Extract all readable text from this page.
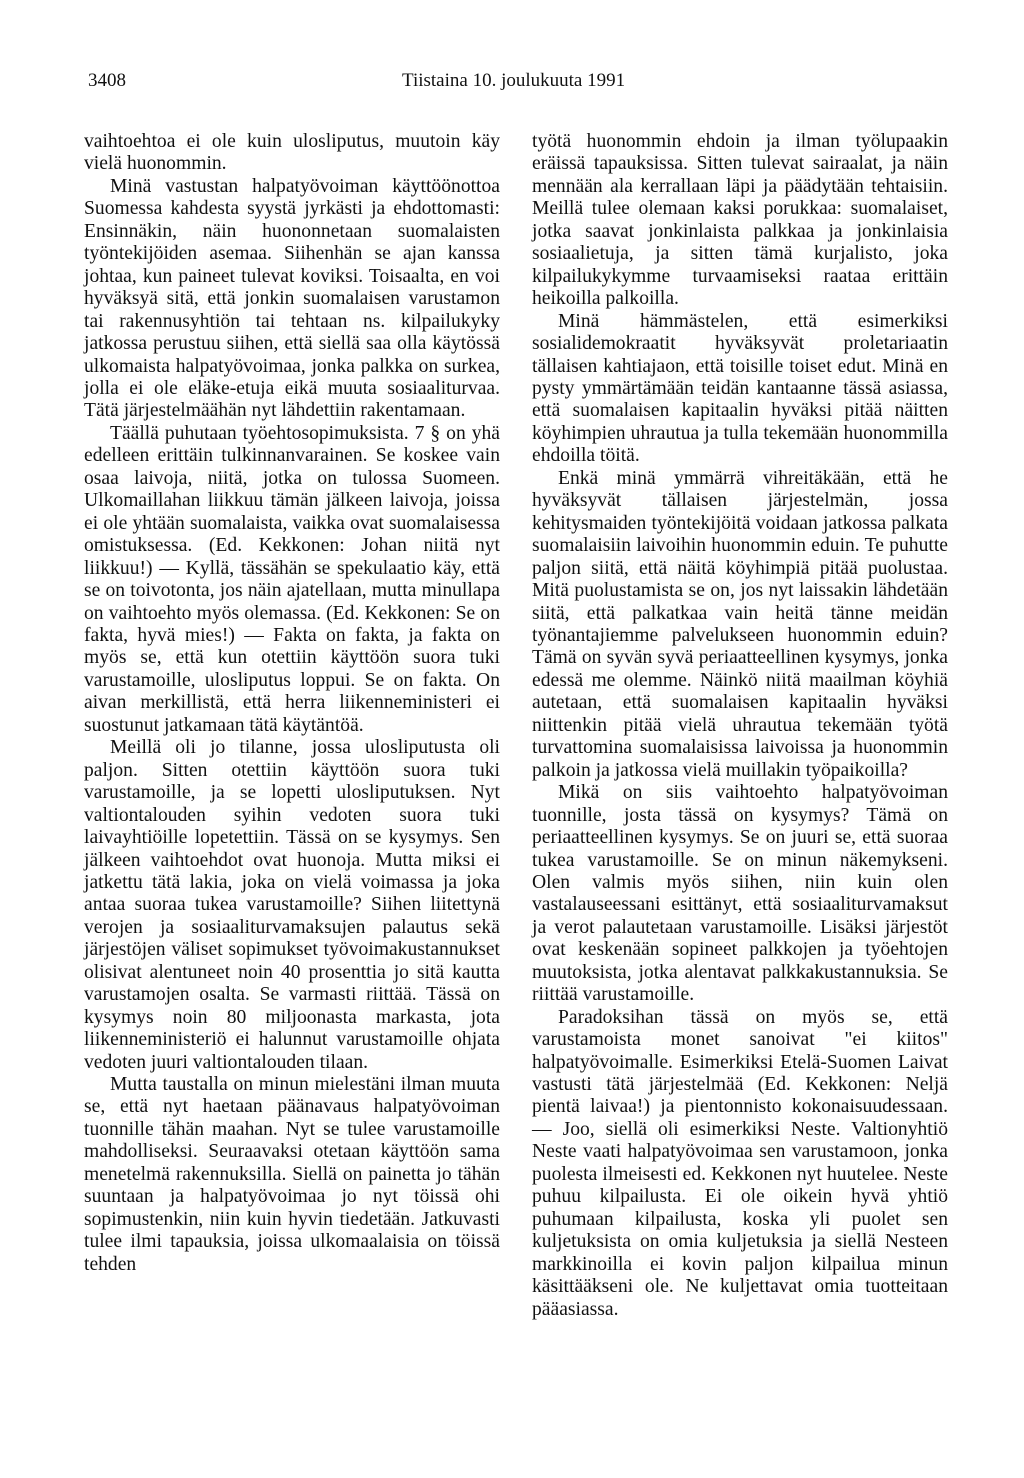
3408	Tiistaina 10. joulukuuta 1991

vaihtoehtoa ei ole kuin ulosliputus, muutoin käy vielä huonommin.

Minä vastustan halpatyövoiman käyttöönottoa Suomessa kahdesta syystä jyrkästi ja ehdottomasti: Ensinnäkin, näin huononnetaan suomalaisten työntekijöiden asemaa. Siihenhän se ajan kanssa johtaa, kun paineet tulevat koviksi. Toisaalta, en voi hyväksyä sitä, että jonkin suomalaisen varustamon tai rakennusyhtiön tai tehtaan ns. kilpailukyky jatkossa perustuu siihen, että siellä saa olla käytössä ulkomaista halpatyövoimaa, jonka palkka on surkea, jolla ei ole eläke-etuja eikä muuta sosiaaliturvaa. Tätä järjestelmäähän nyt lähdettiin rakentamaan.

Täällä puhutaan työehtosopimuksista. 7 § on yhä edelleen erittäin tulkinnanvarainen. Se koskee vain osaa laivoja, niitä, jotka on tulossa Suomeen. Ulkomaillahan liikkuu tämän jälkeen laivoja, joissa ei ole yhtään suomalaista, vaikka ovat suomalaisessa omistuksessa. (Ed. Kekkonen: Johan niitä nyt liikkuu!) — Kyllä, tässähän se spekulaatio käy, että se on toivotonta, jos näin ajatellaan, mutta minullapa on vaihtoehto myös olemassa. (Ed. Kekkonen: Se on fakta, hyvä mies!) — Fakta on fakta, ja fakta on myös se, että kun otettiin käyttöön suora tuki varustamoille, ulosliputus loppui. Se on fakta. On aivan merkillistä, että herra liikenneministeri ei suostunut jatkamaan tätä käytäntöä.

Meillä oli jo tilanne, jossa ulosliputusta oli paljon. Sitten otettiin käyttöön suora tuki varustamoille, ja se lopetti ulosliputuksen. Nyt valtiontalouden syihin vedoten suora tuki laivayhtiöille lopetettiin. Tässä on se kysymys. Sen jälkeen vaihtoehdot ovat huonoja. Mutta miksi ei jatkettu tätä lakia, joka on vielä voimassa ja joka antaa suoraa tukea varustamoille? Siihen liitettynä verojen ja sosiaaliturvamaksujen palautus sekä järjestöjen väliset sopimukset työvoimakustannukset olisivat alentuneet noin 40 prosenttia jo sitä kautta varustamojen osalta. Se varmasti riittää. Tässä on kysymys noin 80 miljoonasta markasta, jota liikenneministeriö ei halunnut varustamoille ohjata vedoten juuri valtiontalouden tilaan.

Mutta taustalla on minun mielestäni ilman muuta se, että nyt haetaan päänavaus halpatyövoiman tuonnille tähän maahan. Nyt se tulee varustamoille mahdolliseksi. Seuraavaksi otetaan käyttöön sama menetelmä rakennuksilla. Siellä on painetta jo tähän suuntaan ja halpatyövoimaa jo nyt töissä ohi sopimustenkin, niin kuin hyvin tiedetään. Jatkuvasti tulee ilmi tapauksia, joissa ulkomaalaisia on töissä tehden

työtä huonommin ehdoin ja ilman työlupaakin eräissä tapauksissa. Sitten tulevat sairaalat, ja näin mennään ala kerrallaan läpi ja päädytään tehtaisiin. Meillä tulee olemaan kaksi porukkaa: suomalaiset, jotka saavat jonkinlaista palkkaa ja jonkinlaisia sosiaalietuja, ja sitten tämä kurjalisto, joka kilpailukykymme turvaamiseksi raataa erittäin heikoilla palkoilla.

Minä hämmästelen, että esimerkiksi sosialidemokraatit hyväksyvät proletariaatin tällaisen kahtiajaon, että toisille toiset edut. Minä en pysty ymmärtämään teidän kantaanne tässä asiassa, että suomalaisen kapitaalin hyväksi pitää näitten köyhimpien uhrautua ja tulla tekemään huonommilla ehdoilla töitä.

Enkä minä ymmärrä vihreitäkään, että he hyväksyvät tällaisen järjestelmän, jossa kehitysmaiden työntekijöitä voidaan jatkossa palkata suomalaisiin laivoihin huonommin eduin. Te puhutte paljon siitä, että näitä köyhimpiä pitää puolustaa. Mitä puolustamista se on, jos nyt laissakin lähdetään siitä, että palkatkaa vain heitä tänne meidän työnantajiemme palvelukseen huonommin eduin? Tämä on syvän syvä periaatteellinen kysymys, jonka edessä me olemme. Näinkö niitä maailman köyhiä autetaan, että suomalaisen kapitaalin hyväksi niittenkin pitää vielä uhrautua tekemään työtä turvattomina suomalaisissa laivoissa ja huonommin palkoin ja jatkossa vielä muillakin työpaikoilla?

Mikä on siis vaihtoehto halpatyövoiman tuonnille, josta tässä on kysymys? Tämä on periaatteellinen kysymys. Se on juuri se, että suoraa tukea varustamoille. Se on minun näkemykseni. Olen valmis myös siihen, niin kuin olen vastalauseessani esittänyt, että sosiaaliturvamaksut ja verot palautetaan varustamoille. Lisäksi järjestöt ovat keskenään sopineet palkkojen ja työehtojen muutoksista, jotka alentavat palkkakustannuksia. Se riittää varustamoille.

Paradoksihan tässä on myös se, että varustamoista monet sanoivat "ei kiitos" halpatyövoimalle. Esimerkiksi Etelä-Suomen Laivat vastusti tätä järjestelmää (Ed. Kekkonen: Neljä pientä laivaa!) ja pientonnisto kokonaisuudessaan. — Joo, siellä oli esimerkiksi Neste. Valtionyhtiö Neste vaati halpatyövoimaa sen varustamoon, jonka puolesta ilmeisesti ed. Kekkonen nyt huutelee. Neste puhuu kilpailusta. Ei ole oikein hyvä yhtiö puhumaan kilpailusta, koska yli puolet sen kuljetuksista on omia kuljetuksia ja siellä Nesteen markkinoilla ei kovin paljon kilpailua minun käsittääkseni ole. Ne kuljettavat omia tuotteitaan pääasiassa.
